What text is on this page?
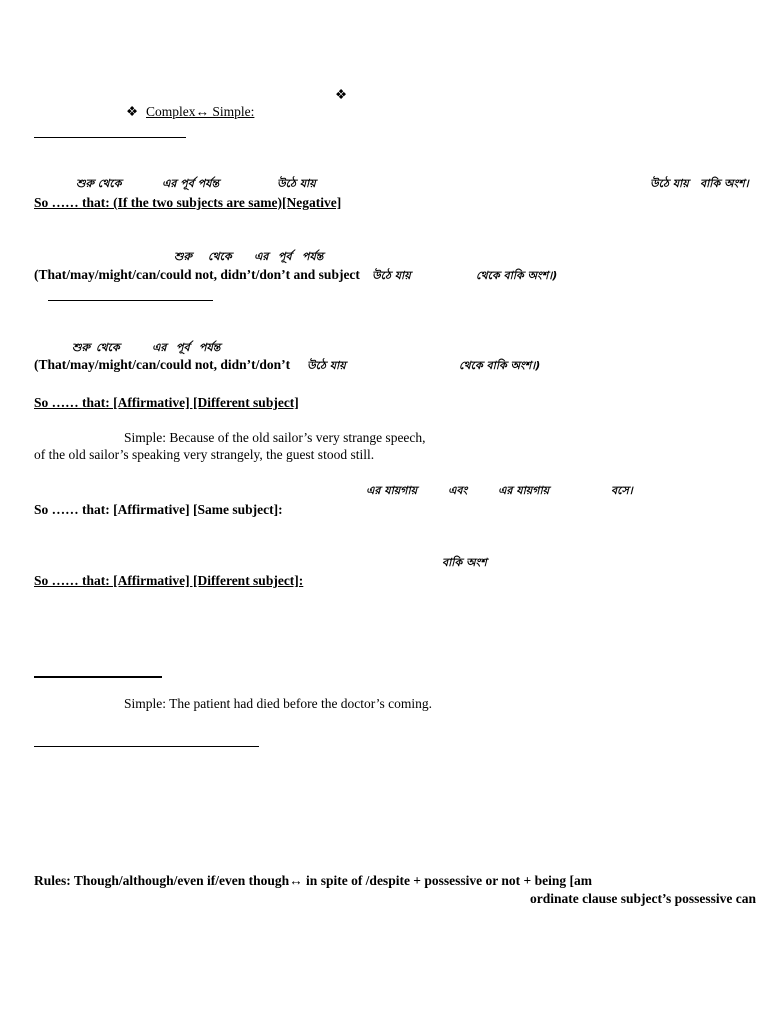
❖
❖ Complex↔ Simple:
শুরু থেকে	এর পূর্ব পর্যন্ত	উঠে যায়	উঠে যায় বাকি অংশ।
So …… that: (If the two subjects are same)[Negative]
শুরু থেকে এর পূর্ব পর্যন্ত
(That/may/might/can/could not, didn’t/don’t and subject উঠে যায়	থেকে বাকি অংশ।)
শুরু থেকে	এর পূর্ব পর্যন্ত
(That/may/might/can/could not, didn’t/don’t উঠে যায়	থেকে বাকি অংশ।)
So …… that: [Affirmative] [Different subject]
Simple: Because of the old sailor’s very strange speech,
of the old sailor’s speaking very strangely, the guest stood still.
এর যায়গায়	এবং	এর যায়গায়	বসে।
So …… that: [Affirmative] [Same subject]:
বাকি অংশ
So …… that: [Affirmative] [Different subject]:
Simple: The patient had died before the doctor’s coming.
Rules: Though/although/even if/even though↔ in spite of /despite + possessive or not + being [am
ordinate clause subject’s possessive can
